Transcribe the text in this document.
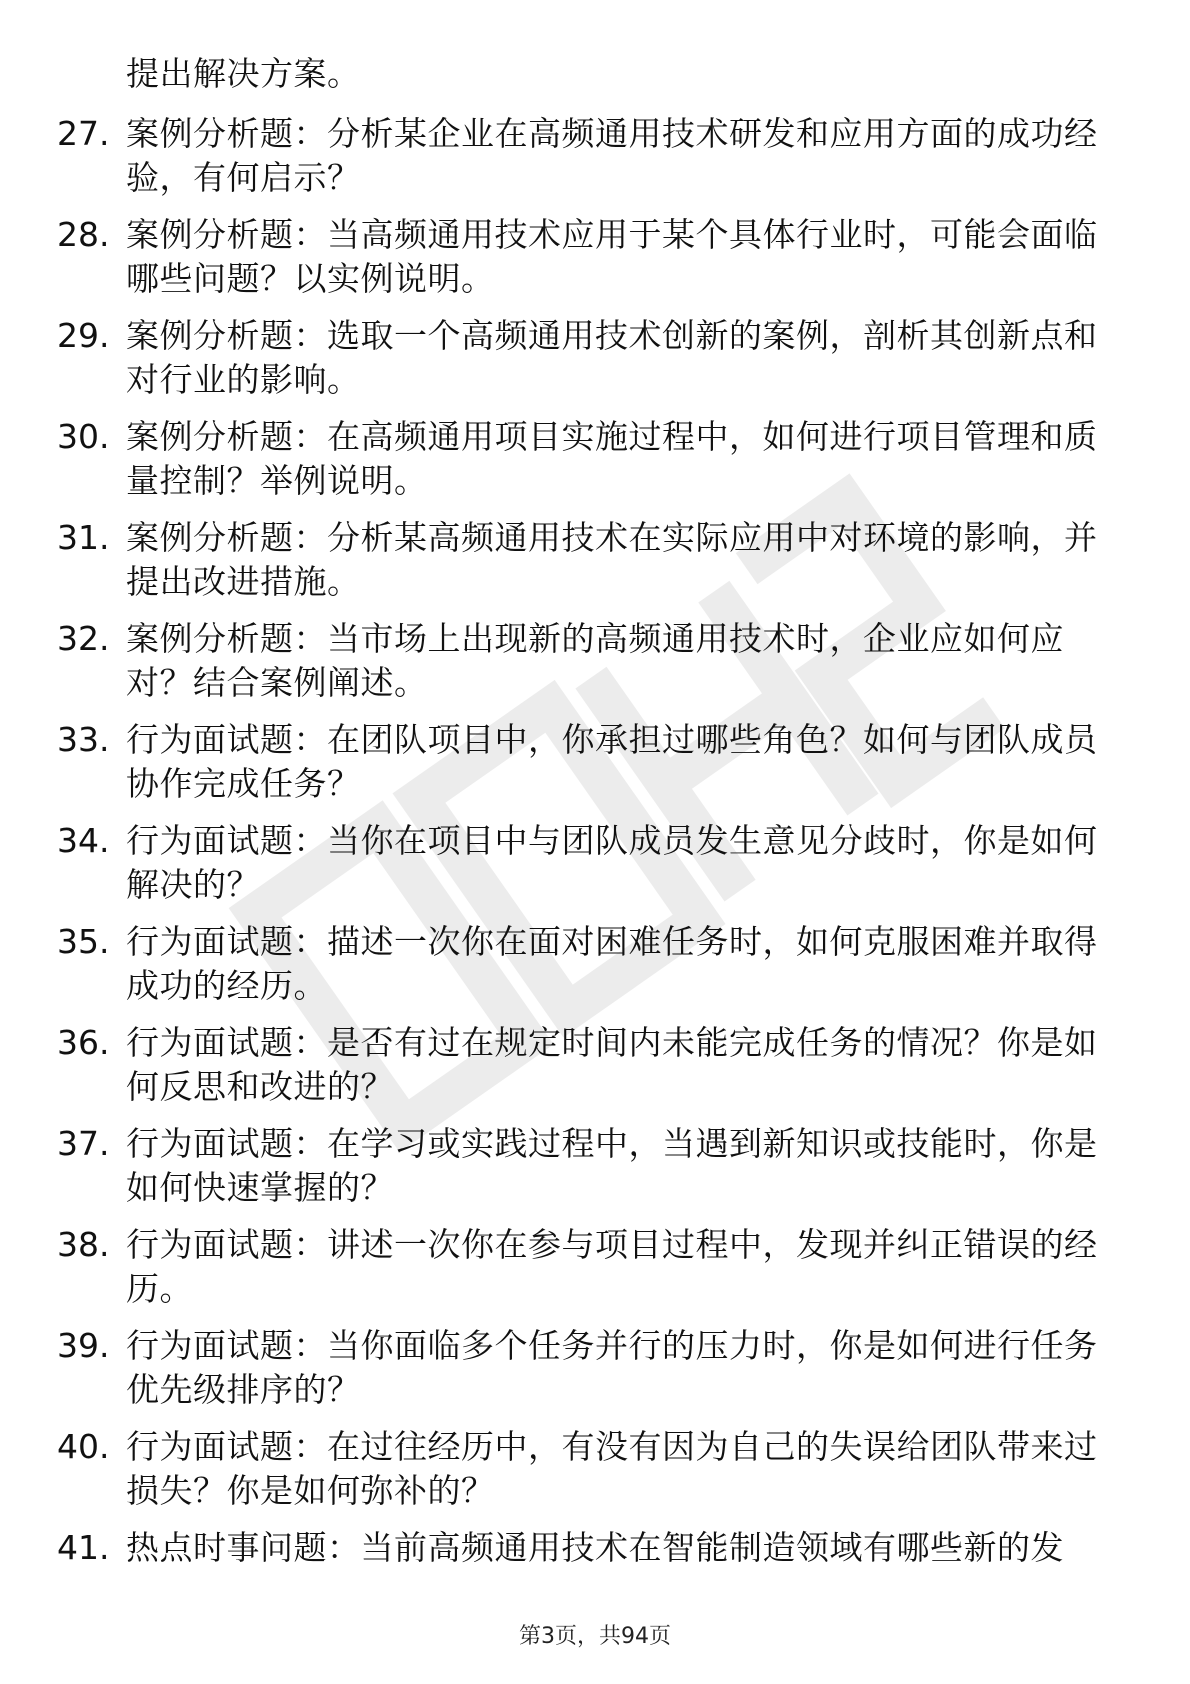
提出解决方案。
27. 案例分析题：分析某企业在高频通用技术研发和应用方面的成功经验，有何启示？
28. 案例分析题：当高频通用技术应用于某个具体行业时，可能会面临哪些问题？以实例说明。
29. 案例分析题：选取一个高频通用技术创新的案例，剖析其创新点和对行业的影响。
30. 案例分析题：在高频通用项目实施过程中，如何进行项目管理和质量控制？举例说明。
31. 案例分析题：分析某高频通用技术在实际应用中对环境的影响，并提出改进措施。
32. 案例分析题：当市场上出现新的高频通用技术时，企业应如何应对？结合案例阐述。
33. 行为面试题：在团队项目中，你承担过哪些角色？如何与团队成员协作完成任务？
34. 行为面试题：当你在项目中与团队成员发生意见分歧时，你是如何解决的？
35. 行为面试题：描述一次你在面对困难任务时，如何克服困难并取得成功的经历。
36. 行为面试题：是否有过在规定时间内未能完成任务的情况？你是如何反思和改进的？
37. 行为面试题：在学习或实践过程中，当遇到新知识或技能时，你是如何快速掌握的？
38. 行为面试题：讲述一次你在参与项目过程中，发现并纠正错误的经历。
39. 行为面试题：当你面临多个任务并行的压力时，你是如何进行任务优先级排序的？
40. 行为面试题：在过往经历中，有没有因为自己的失误给团队带来过损失？你是如何弥补的？
41. 热点时事问题：当前高频通用技术在智能制造领域有哪些新的发
第3页，共94页
